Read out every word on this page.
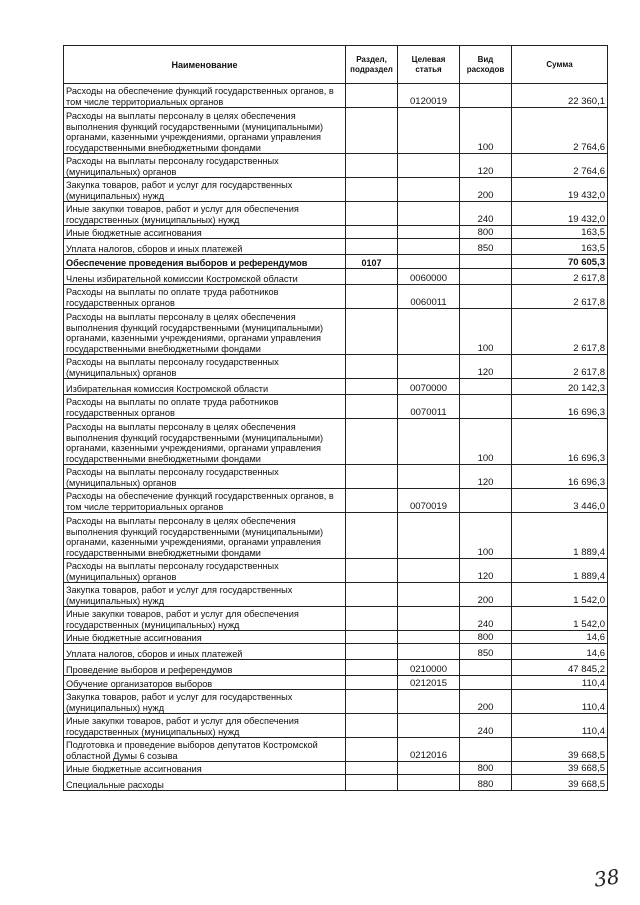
Наименование	Раздел, подраздел	Целевая статья	Вид расходов	Сумма
Расходы на обеспечение функций государственных органов, в том числе территориальных органов		0120019		22 360,1
Расходы на выплаты персоналу в целях обеспечения выполнения функций государственными (муниципальными) органами, казенными учреждениями, органами управления государственными внебюджетными фондами			100	2 764,6
Расходы на выплаты персоналу государственных (муниципальных) органов			120	2 764,6
Закупка товаров, работ и услуг для государственных (муниципальных) нужд			200	19 432,0
Иные закупки товаров, работ и услуг для обеспечения государственных (муниципальных) нужд			240	19 432,0
Иные бюджетные ассигнования			800	163,5
Уплата налогов, сборов и иных платежей			850	163,5
Обеспечение проведения выборов и референдумов	0107			70 605,3
Члены избирательной комиссии Костромской области		0060000		2 617,8
Расходы на выплаты по оплате труда работников государственных органов		0060011		2 617,8
Расходы на выплаты персоналу в целях обеспечения выполнения функций государственными (муниципальными) органами, казенными учреждениями, органами управления государственными внебюджетными фондами			100	2 617,8
Расходы на выплаты персоналу государственных (муниципальных) органов			120	2 617,8
Избирательная комиссия Костромской области		0070000		20 142,3
Расходы на выплаты по оплате труда работников государственных органов		0070011		16 696,3
Расходы на выплаты персоналу в целях обеспечения выполнения функций государственными (муниципальными) органами, казенными учреждениями, органами управления государственными внебюджетными фондами			100	16 696,3
Расходы на выплаты персоналу государственных (муниципальных) органов			120	16 696,3
Расходы на обеспечение функций государственных органов, в том числе территориальных органов		0070019		3 446,0
Расходы на выплаты персоналу в целях обеспечения выполнения функций государственными (муниципальными) органами, казенными учреждениями, органами управления государственными внебюджетными фондами			100	1 889,4
Расходы на выплаты персоналу государственных (муниципальных) органов			120	1 889,4
Закупка товаров, работ и услуг для государственных (муниципальных) нужд			200	1 542,0
Иные закупки товаров, работ и услуг для обеспечения государственных (муниципальных) нужд			240	1 542,0
Иные бюджетные ассигнования			800	14,6
Уплата налогов, сборов и иных платежей			850	14,6
Проведение выборов и референдумов		0210000		47 845,2
Обучение организаторов выборов		0212015		110,4
Закупка товаров, работ и услуг для государственных (муниципальных) нужд			200	110,4
Иные закупки товаров, работ и услуг для обеспечения государственных (муниципальных) нужд			240	110,4
Подготовка и проведение выборов депутатов Костромской областной Думы 6 созыва		0212016		39 668,5
Иные бюджетные ассигнования			800	39 668,5
Специальные расходы			880	39 668,5
38
